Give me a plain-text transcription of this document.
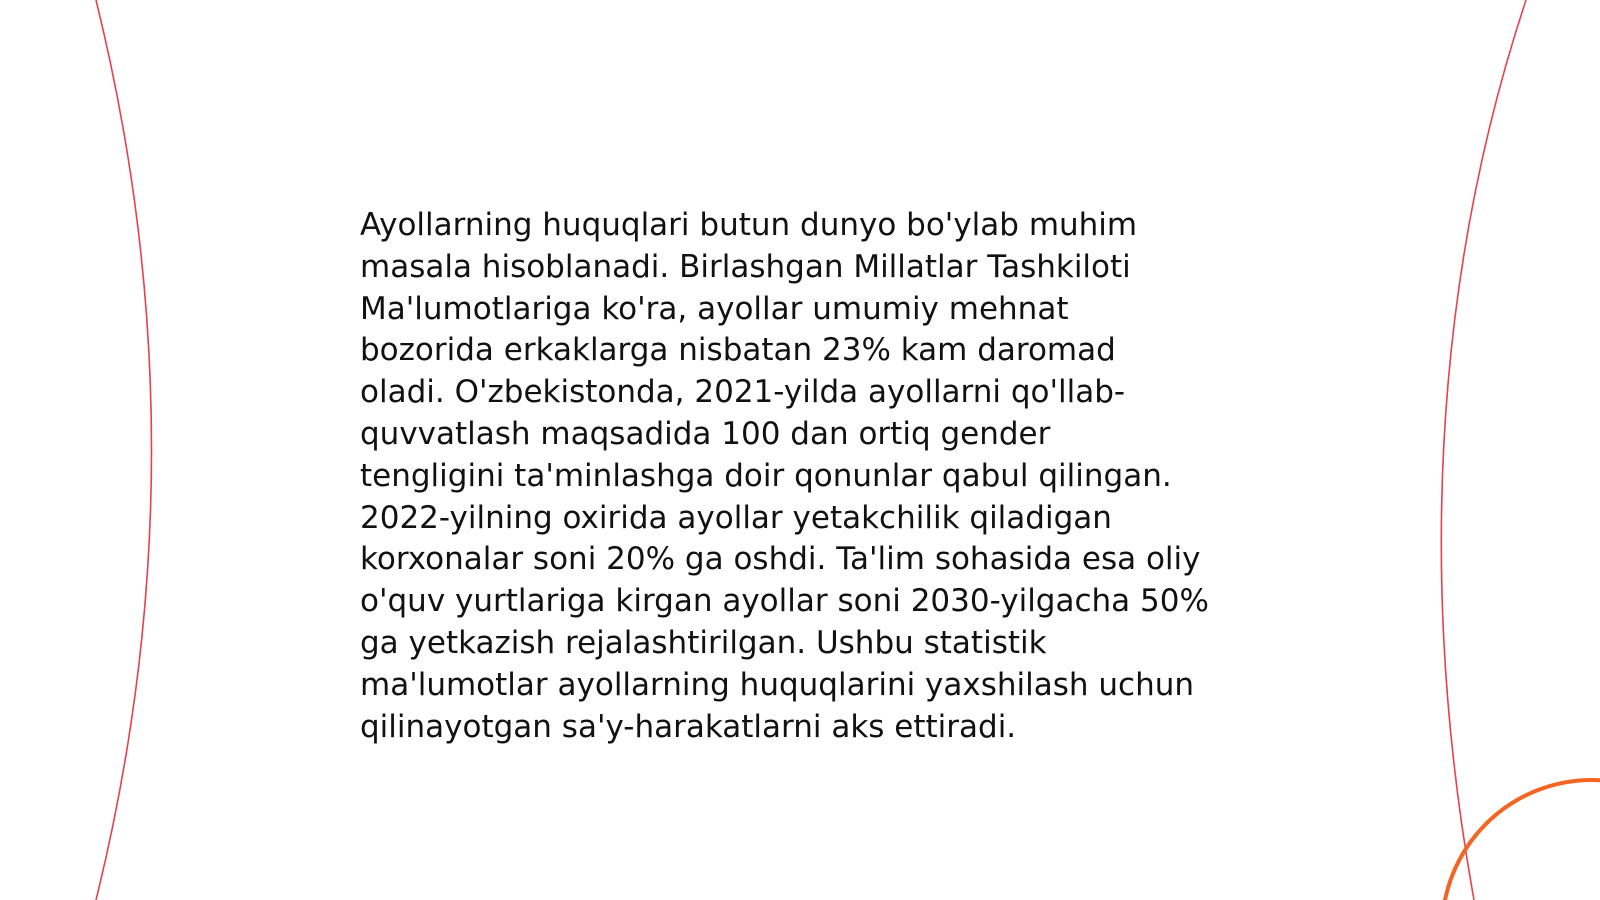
Ayollarning huquqlari butun dunyo bo'ylab muhim
masala hisoblanadi. Birlashgan Millatlar Tashkiloti
Ma'lumotlariga ko'ra, ayollar umumiy mehnat
bozorida erkaklarga nisbatan 23% kam daromad
oladi. O'zbekistonda, 2021-yilda ayollarni qo'llab-
quvvatlash maqsadida 100 dan ortiq gender
tengligini ta'minlashga doir qonunlar qabul qilingan.
2022-yilning oxirida ayollar yetakchilik qiladigan
korxonalar soni 20% ga oshdi. Ta'lim sohasida esa oliy
o'quv yurtlariga kirgan ayollar soni 2030-yilgacha 50%
ga yetkazish rejalashtirilgan. Ushbu statistik
ma'lumotlar ayollarning huquqlarini yaxshilash uchun
qilinayotgan sa'y-harakatlarni aks ettiradi.
